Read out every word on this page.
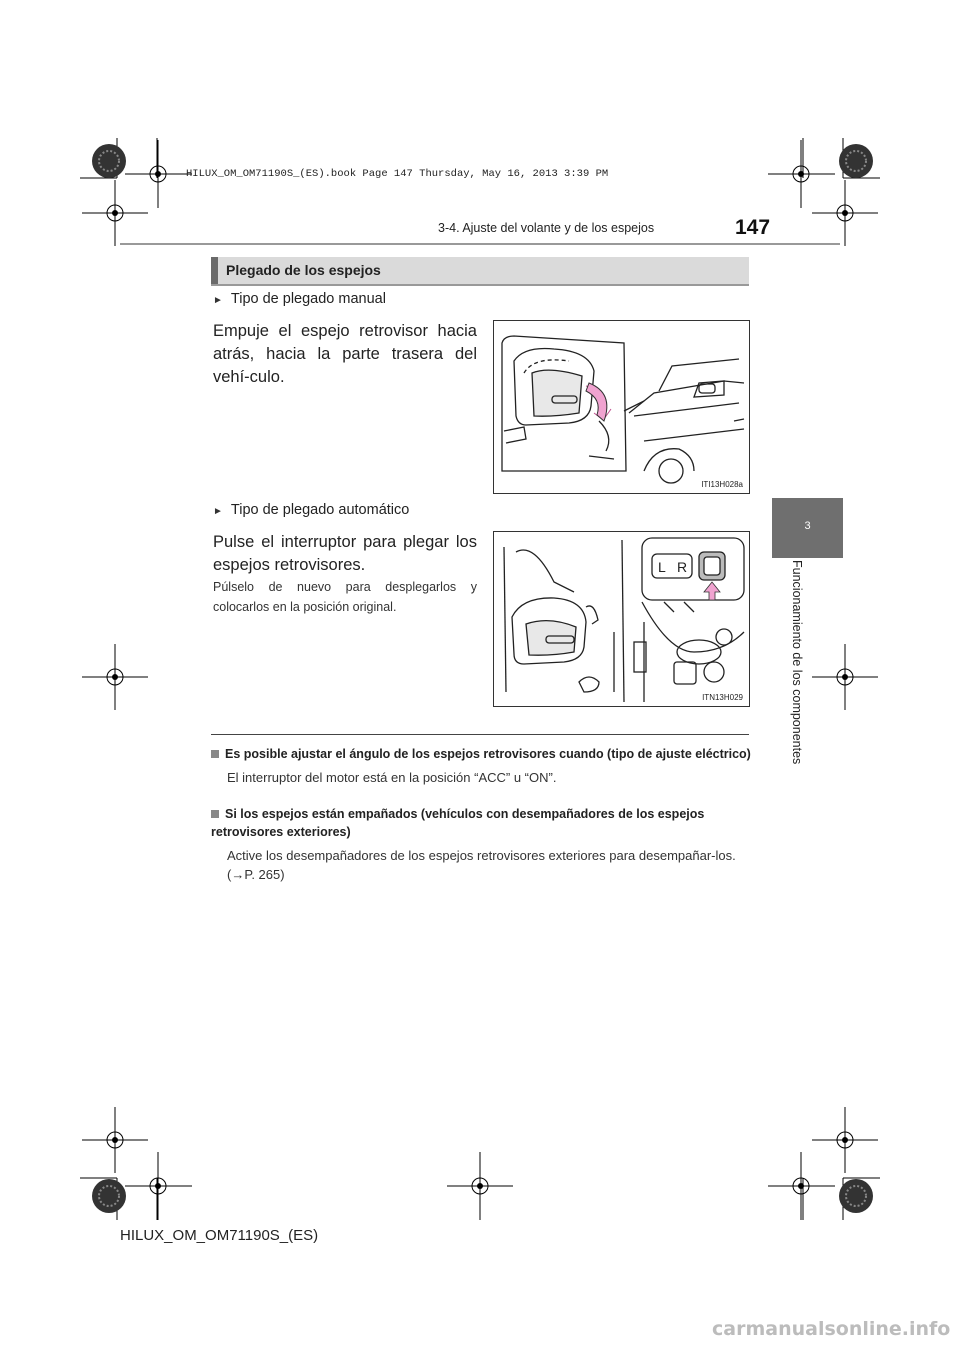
HILUX_OM_OM71190S_(ES).book Page 147 Thursday, May 16, 2013 3:39 PM
147
3-4. Ajuste del volante y de los espejos
3
Funcionamiento de los componentes
Plegado de los espejos
► Tipo de plegado manual
Empuje el espejo retrovisor hacia atrás, hacia la parte trasera del vehí-culo.
ITI13H028a
► Tipo de plegado automático
Pulse el interruptor para plegar los espejos retrovisores.
Púlselo de nuevo para desplegarlos y colocarlos en la posición original.
L R
ITN13H029
Es posible ajustar el ángulo de los espejos retrovisores cuando (tipo de ajuste eléctrico)
El interruptor del motor está en la posición “ACC” u “ON”.
Si los espejos están empañados (vehículos con desempañadores de los espejos retrovisores exteriores)
Active los desempañadores de los espejos retrovisores exteriores para desempañar-los. (→P. 265)
HILUX_OM_OM71190S_(ES)
carmanualsonline.info
